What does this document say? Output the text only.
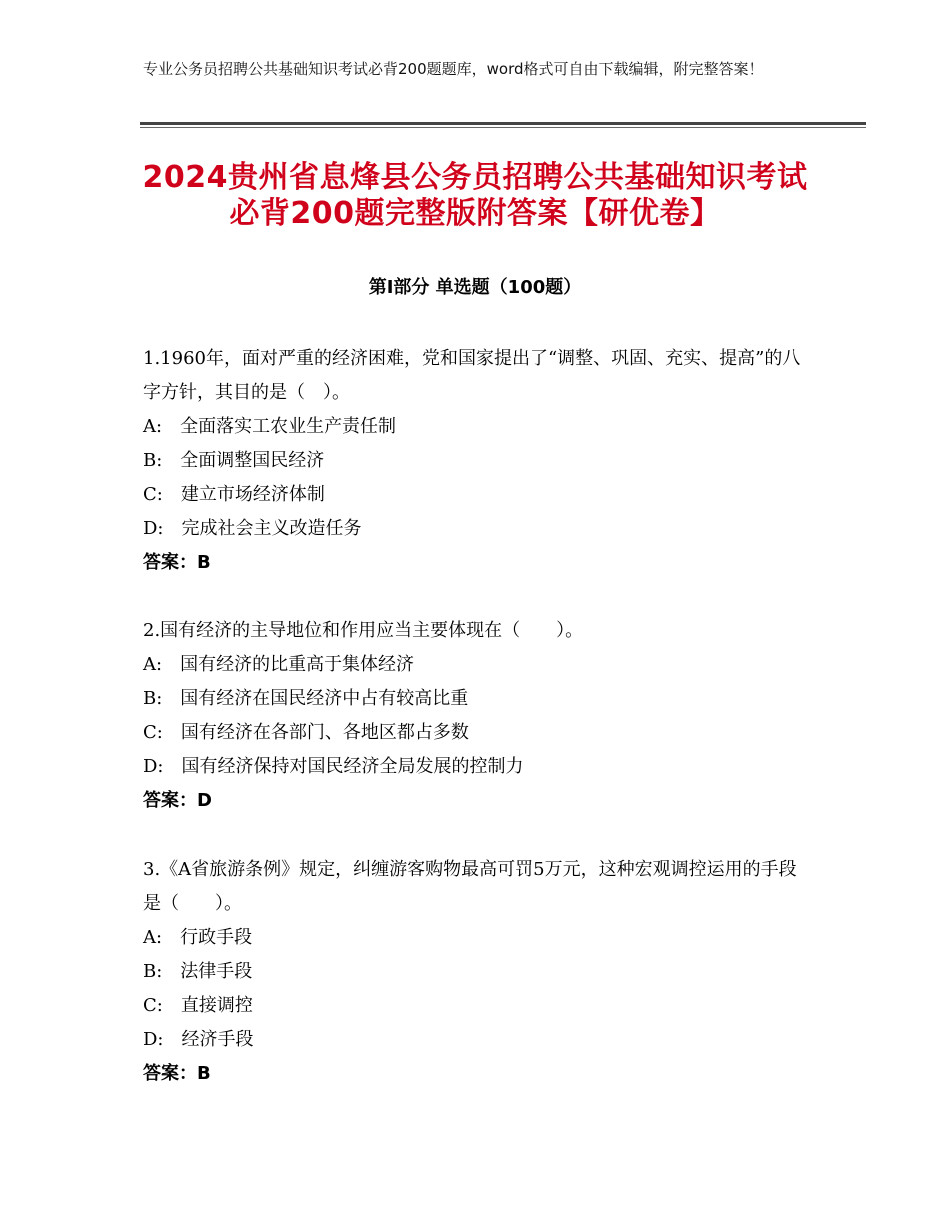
专业公务员招聘公共基础知识考试必背200题题库，word格式可自由下载编辑，附完整答案！
2024贵州省息烽县公务员招聘公共基础知识考试必背200题完整版附答案【研优卷】
第I部分 单选题（100题）
1.1960年，面对严重的经济困难，党和国家提出了“调整、巩固、充实、提高”的八字方针，其目的是（　）。
A:　全面落实工农业生产责任制
B:　全面调整国民经济
C:　建立市场经济体制
D:　完成社会主义改造任务
答案：B
2.国有经济的主导地位和作用应当主要体现在（　　）。
A:　国有经济的比重高于集体经济
B:　国有经济在国民经济中占有较高比重
C:　国有经济在各部门、各地区都占多数
D:　国有经济保持对国民经济全局发展的控制力
答案：D
3.《A省旅游条例》规定，纠缠游客购物最高可罚5万元，这种宏观调控运用的手段是（　　）。
A:　行政手段
B:　法律手段
C:　直接调控
D:　经济手段
答案：B
